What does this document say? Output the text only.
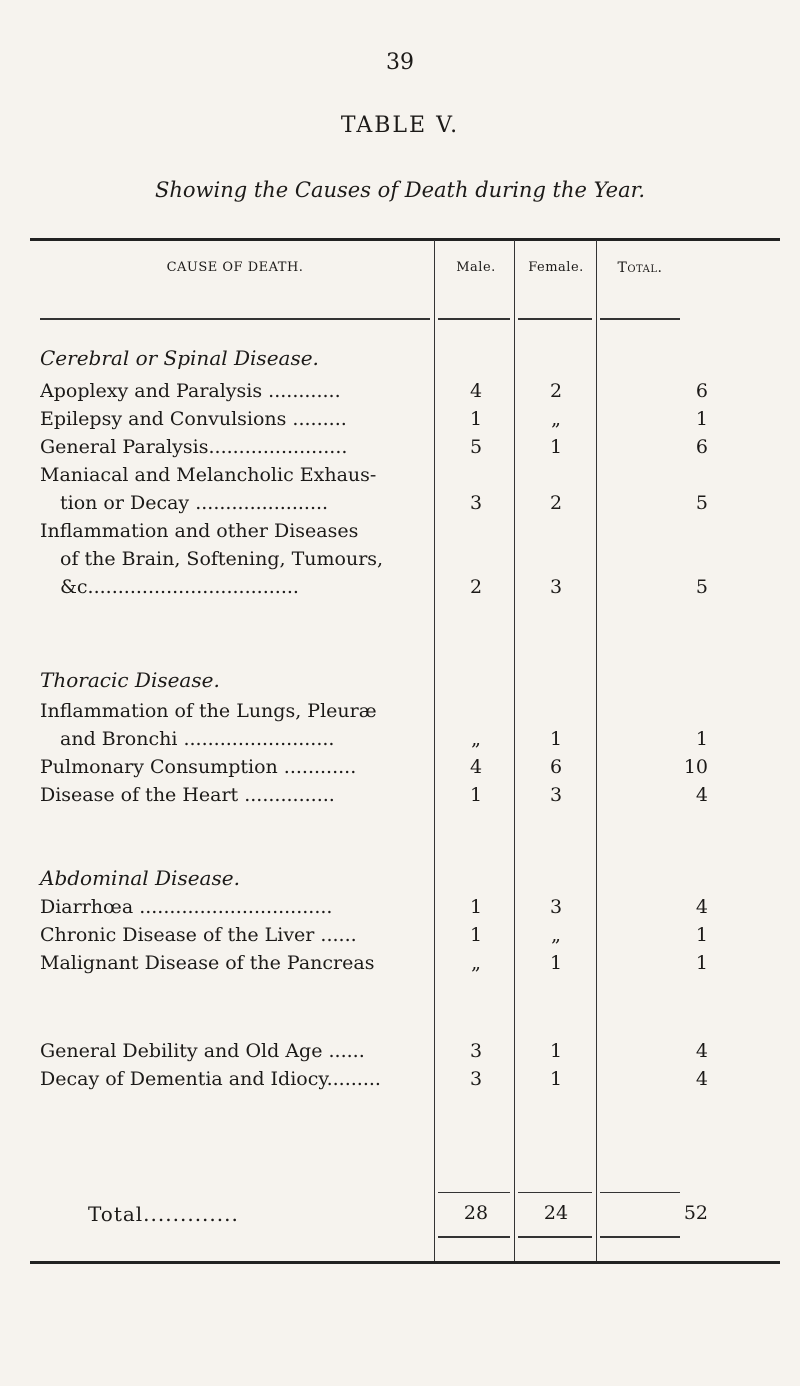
39
TABLE V.
Showing the Causes of Death during the Year.
CAUSE OF DEATH.	Male.	Female.	Total.
Cerebral or Spinal Disease.
Apoplexy and Paralysis ............	4	2	6
Epilepsy and Convulsions .........	1	„	1
General Paralysis.......................	5	1	6
Maniacal and Melancholic Exhaus-
tion or Decay ......................	3	2	5
Inflammation and other Diseases
of the Brain, Softening, Tumours,
&c...................................	2	3	5
Thoracic Disease.
Inflammation of the Lungs, Pleuræ
and Bronchi .........................	„	1	1
Pulmonary Consumption ............	4	6	10
Disease of the Heart ...............	1	3	4
Abdominal Disease.
Diarrhœa ................................	1	3	4
Chronic Disease of the Liver ......	1	„	1
Malignant Disease of the Pancreas	„	1	1
General Debility and Old Age ......	3	1	4
Decay of Dementia and Idiocy.........	3	1	4
Total.............	28	24	52
